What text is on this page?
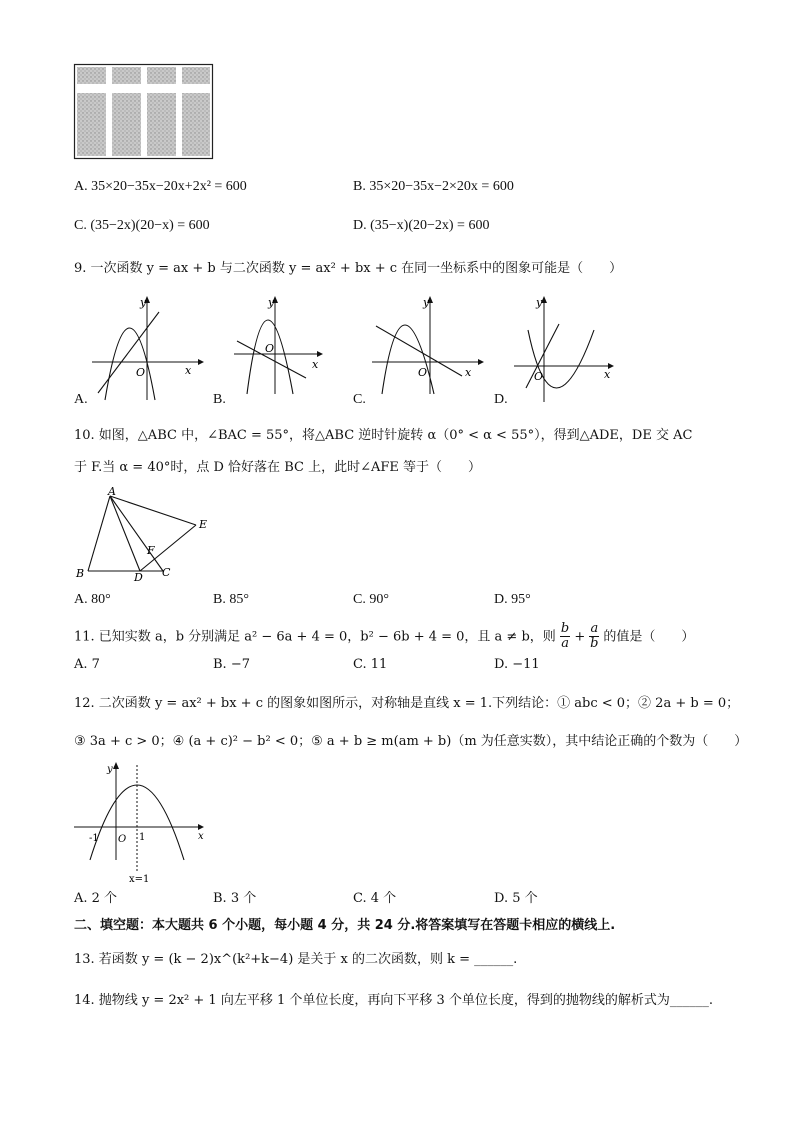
A. 35×20−35x−20x+2x² = 600	B. 35×20−35x−2×20x = 600
C. (35−2x)(20−x) = 600	D. (35−x)(20−2x) = 600
9. 一次函数 y = ax + b 与二次函数 y = ax² + bx + c 在同一坐标系中的图象可能是（　　）
O	x
y
A.
O
x
y
B.
O	x
y
C.
O	x
y
D.
10. 如图，△ABC 中，∠BAC = 55°，将△ABC 逆时针旋转 α（0° < α < 55°），得到△ADE，DE 交 AC
于 F.当 α = 40°时，点 D 恰好落在 BC 上，此时∠AFE 等于（　　）
A
B	C
D
E
F
A. 80°	B. 85°	C. 90°	D. 95°
11. 已知实数 a，b 分别满足 a² − 6a + 4 = 0，b² − 6b + 4 = 0，且 a ≠ b，则 $\frac{b}{a} + \frac{a}{b}$ 的值是（　　）
A. 7	B. −7	C. 11	D. −11
12. 二次函数 y = ax² + bx + c 的图象如图所示，对称轴是直线 x = 1.下列结论：① abc < 0；② 2a + b = 0；
③ 3a + c > 0；④ (a + c)² − b² < 0；⑤ a + b ≥ m(am + b)（m 为任意实数），其中结论正确的个数为（　　）
y
x
O
-1	1
x=1
A. 2 个	B. 3 个	C. 4 个	D. 5 个
二、填空题：本大题共 6 个小题，每小题 4 分，共 24 分.将答案填写在答题卡相应的横线上.
13. 若函数 y = (k − 2)x^(k²+k−4) 是关于 x 的二次函数，则 k = ______.
14. 抛物线 y = 2x² + 1 向左平移 1 个单位长度，再向下平移 3 个单位长度，得到的抛物线的解析式为______.
